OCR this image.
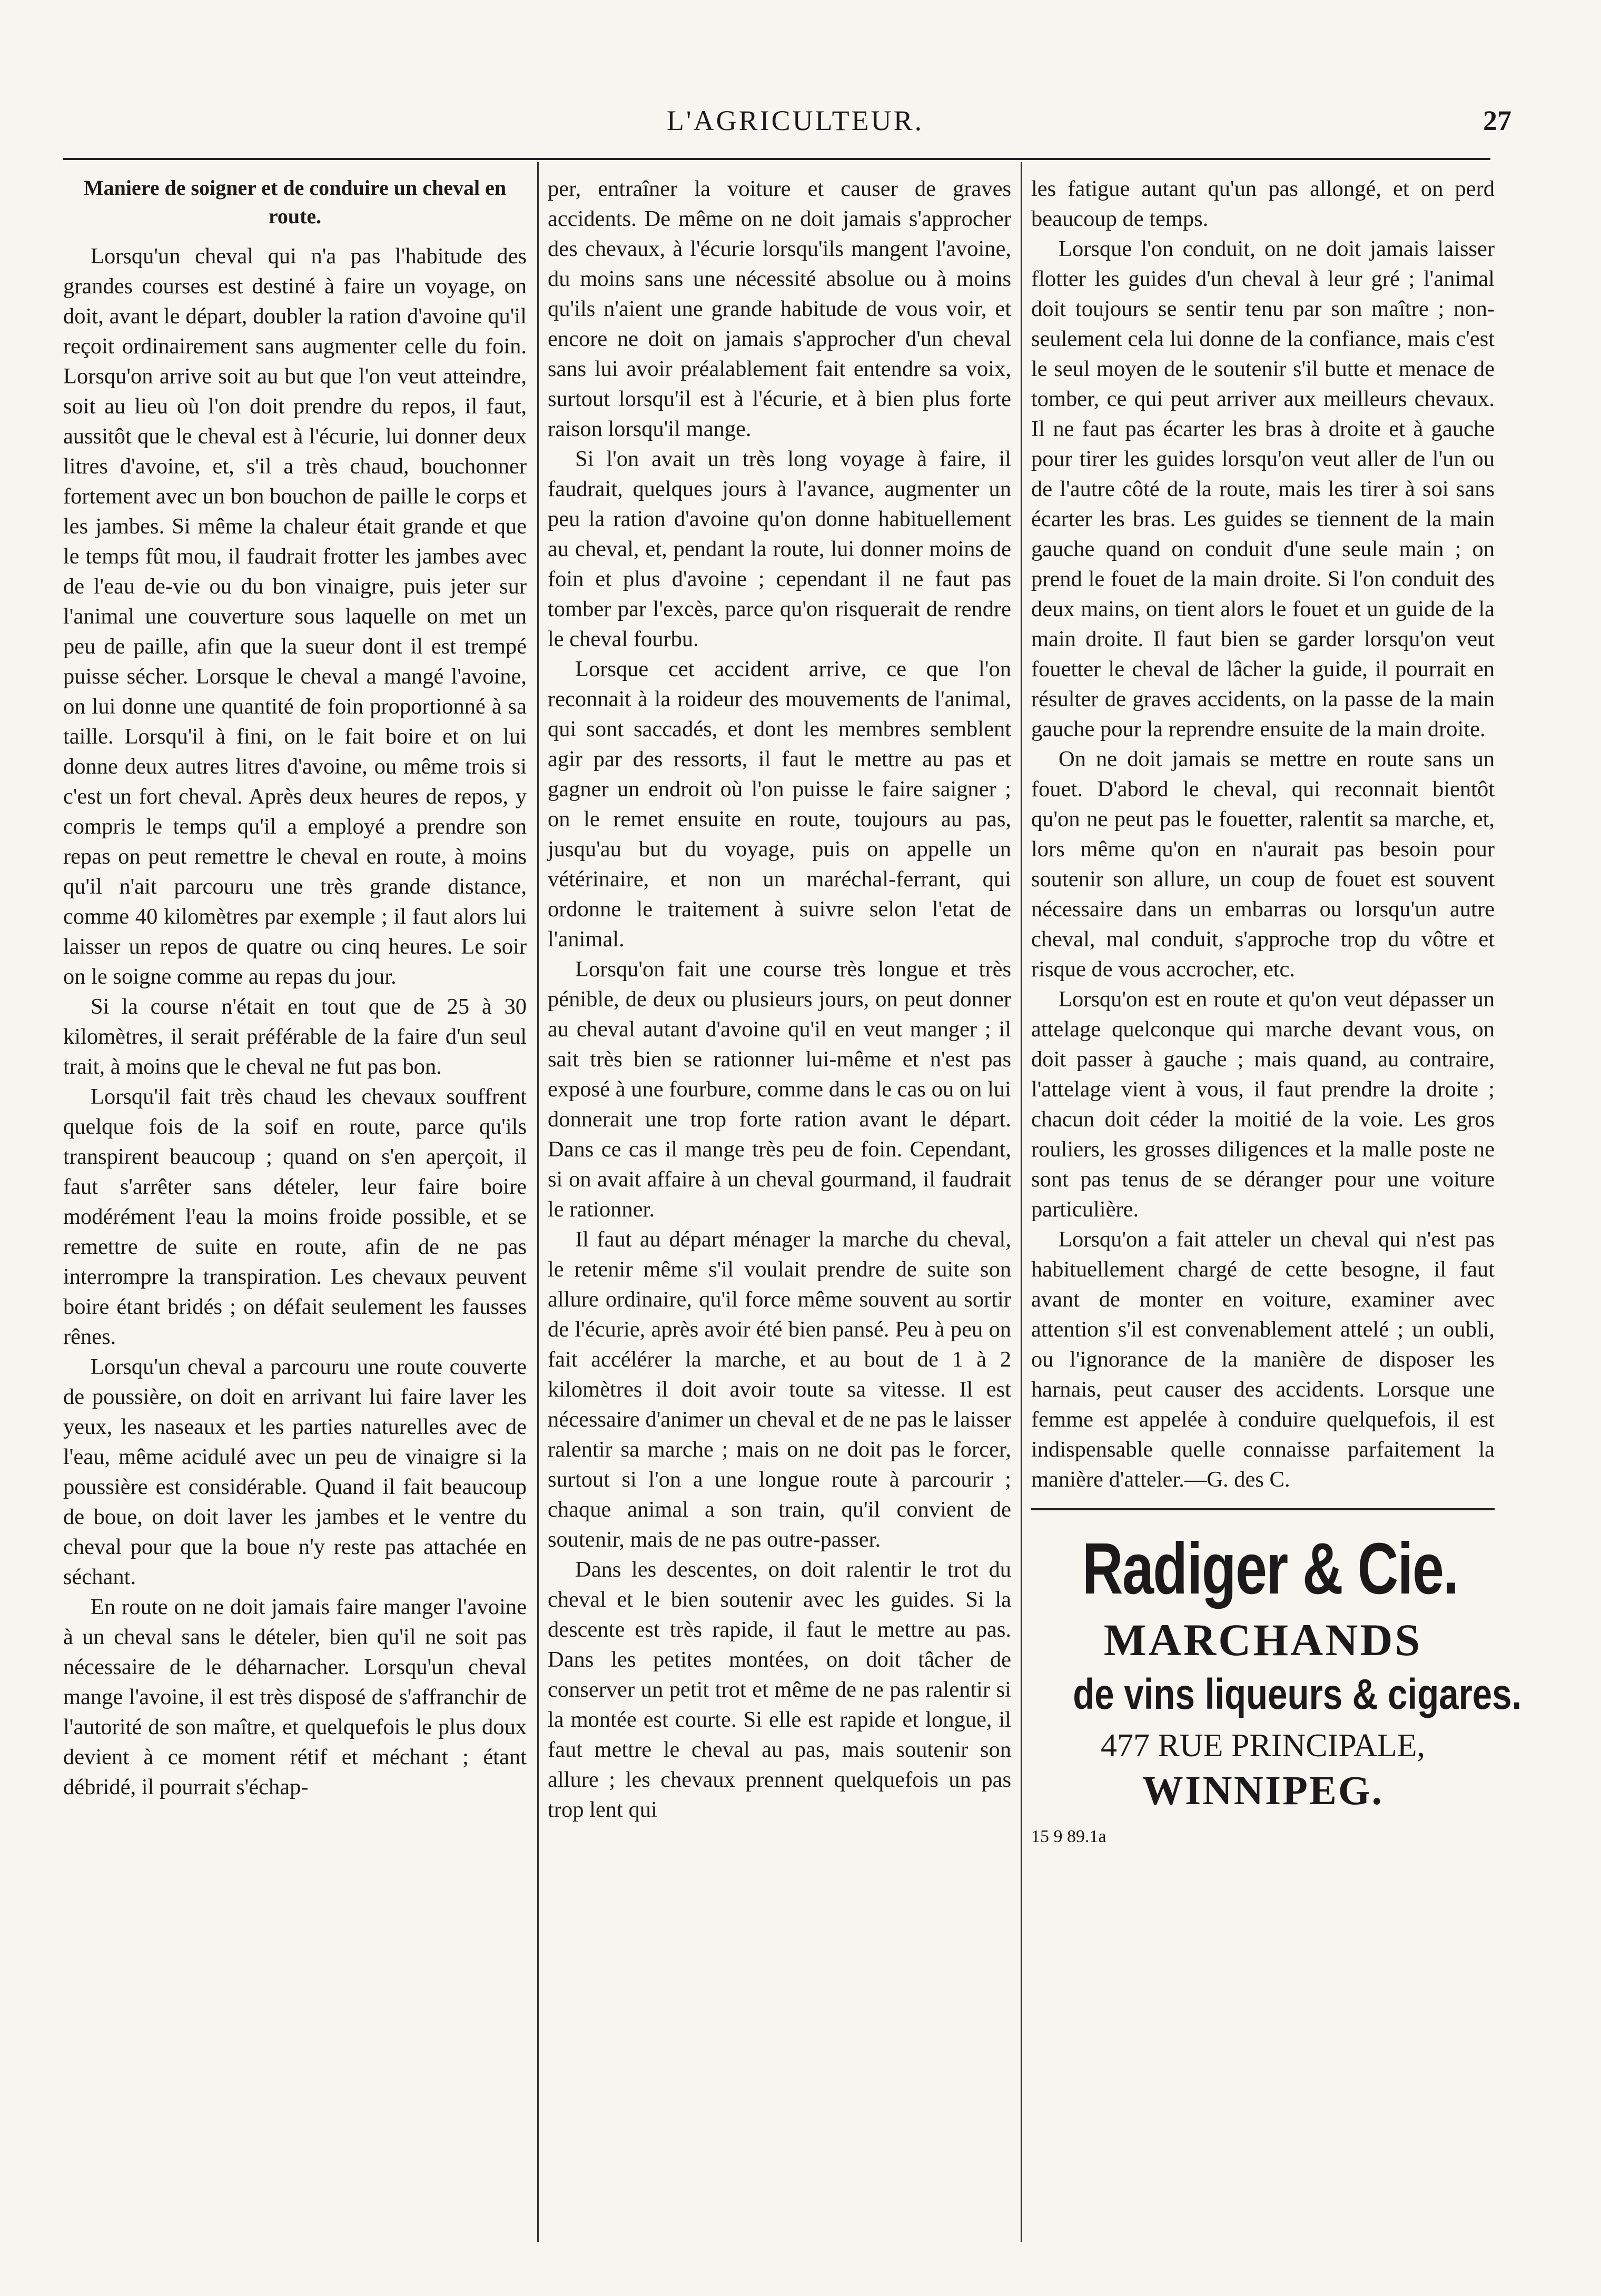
L'AGRICULTEUR.	27
Maniere de soigner et de conduire un cheval en route.

Lorsqu'un cheval qui n'a pas l'habitude des grandes courses est destiné à faire un voyage, on doit, avant le départ, doubler la ration d'avoine qu'il reçoit ordinairement sans augmenter celle du foin. Lorsqu'on arrive soit au but que l'on veut atteindre, soit au lieu où l'on doit prendre du repos, il faut, aussitôt que le cheval est à l'écurie, lui donner deux litres d'avoine, et, s'il a très chaud, bouchonner fortement avec un bon bouchon de paille le corps et les jambes. Si même la chaleur était grande et que le temps fût mou, il faudrait frotter les jambes avec de l'eau de-vie ou du bon vinaigre, puis jeter sur l'animal une couverture sous laquelle on met un peu de paille, afin que la sueur dont il est trempé puisse sécher. Lorsque le cheval a mangé l'avoine, on lui donne une quantité de foin proportionné à sa taille. Lorsqu'il à fini, on le fait boire et on lui donne deux autres litres d'avoine, ou même trois si c'est un fort cheval. Après deux heures de repos, y compris le temps qu'il a employé a prendre son repas on peut remettre le cheval en route, à moins qu'il n'ait parcouru une très grande distance, comme 40 kilomètres par exemple ; il faut alors lui laisser un repos de quatre ou cinq heures. Le soir on le soigne comme au repas du jour.

Si la course n'était en tout que de 25 à 30 kilomètres, il serait préférable de la faire d'un seul trait, à moins que le cheval ne fut pas bon.

Lorsqu'il fait très chaud les chevaux souffrent quelque fois de la soif en route, parce qu'ils transpirent beaucoup ; quand on s'en aperçoit, il faut s'arrêter sans dételer, leur faire boire modérément l'eau la moins froide possible, et se remettre de suite en route, afin de ne pas interrompre la transpiration. Les chevaux peuvent boire étant bridés ; on défait seulement les fausses rênes.

Lorsqu'un cheval a parcouru une route couverte de poussière, on doit en arrivant lui faire laver les yeux, les naseaux et les parties naturelles avec de l'eau, même acidulé avec un peu de vinaigre si la poussière est considérable. Quand il fait beaucoup de boue, on doit laver les jambes et le ventre du cheval pour que la boue n'y reste pas attachée en séchant.

En route on ne doit jamais faire manger l'avoine à un cheval sans le dételer, bien qu'il ne soit pas nécessaire de le déharnacher. Lorsqu'un cheval mange l'avoine, il est très disposé de s'affranchir de l'autorité de son maître, et quelquefois le plus doux devient à ce moment rétif et méchant ; étant débridé, il pourrait s'échap-

per, entraîner la voiture et causer de graves accidents. De même on ne doit jamais s'approcher des chevaux, à l'écurie lorsqu'ils mangent l'avoine, du moins sans une nécessité absolue ou à moins qu'ils n'aient une grande habitude de vous voir, et encore ne doit on jamais s'approcher d'un cheval sans lui avoir préalablement fait entendre sa voix, surtout lorsqu'il est à l'écurie, et à bien plus forte raison lorsqu'il mange.

Si l'on avait un très long voyage à faire, il faudrait, quelques jours à l'avance, augmenter un peu la ration d'avoine qu'on donne habituellement au cheval, et, pendant la route, lui donner moins de foin et plus d'avoine ; cependant il ne faut pas tomber par l'excès, parce qu'on risquerait de rendre le cheval fourbu.

Lorsque cet accident arrive, ce que l'on reconnait à la roideur des mouvements de l'animal, qui sont saccadés, et dont les membres semblent agir par des ressorts, il faut le mettre au pas et gagner un endroit où l'on puisse le faire saigner ; on le remet ensuite en route, toujours au pas, jusqu'au but du voyage, puis on appelle un vétérinaire, et non un maréchal-ferrant, qui ordonne le traitement à suivre selon l'etat de l'animal.

Lorsqu'on fait une course très longue et très pénible, de deux ou plusieurs jours, on peut donner au cheval autant d'avoine qu'il en veut manger ; il sait très bien se rationner lui-même et n'est pas exposé à une fourbure, comme dans le cas ou on lui donnerait une trop forte ration avant le départ. Dans ce cas il mange très peu de foin. Cependant, si on avait affaire à un cheval gourmand, il faudrait le rationner.

Il faut au départ ménager la marche du cheval, le retenir même s'il voulait prendre de suite son allure ordinaire, qu'il force même souvent au sortir de l'écurie, après avoir été bien pansé. Peu à peu on fait accélérer la marche, et au bout de 1 à 2 kilomètres il doit avoir toute sa vitesse. Il est nécessaire d'animer un cheval et de ne pas le laisser ralentir sa marche ; mais on ne doit pas le forcer, surtout si l'on a une longue route à parcourir ; chaque animal a son train, qu'il convient de soutenir, mais de ne pas outre-passer.

Dans les descentes, on doit ralentir le trot du cheval et le bien soutenir avec les guides. Si la descente est très rapide, il faut le mettre au pas. Dans les petites montées, on doit tâcher de conserver un petit trot et même de ne pas ralentir si la montée est courte. Si elle est rapide et longue, il faut mettre le cheval au pas, mais soutenir son allure ; les chevaux prennent quelquefois un pas trop lent qui

les fatigue autant qu'un pas allongé, et on perd beaucoup de temps.

Lorsque l'on conduit, on ne doit jamais laisser flotter les guides d'un cheval à leur gré ; l'animal doit toujours se sentir tenu par son maître ; non-seulement cela lui donne de la confiance, mais c'est le seul moyen de le soutenir s'il butte et menace de tomber, ce qui peut arriver aux meilleurs chevaux. Il ne faut pas écarter les bras à droite et à gauche pour tirer les guides lorsqu'on veut aller de l'un ou de l'autre côté de la route, mais les tirer à soi sans écarter les bras. Les guides se tiennent de la main gauche quand on conduit d'une seule main ; on prend le fouet de la main droite. Si l'on conduit des deux mains, on tient alors le fouet et un guide de la main droite. Il faut bien se garder lorsqu'on veut fouetter le cheval de lâcher la guide, il pourrait en résulter de graves accidents, on la passe de la main gauche pour la reprendre ensuite de la main droite.

On ne doit jamais se mettre en route sans un fouet. D'abord le cheval, qui reconnait bientôt qu'on ne peut pas le fouetter, ralentit sa marche, et, lors même qu'on en n'aurait pas besoin pour soutenir son allure, un coup de fouet est souvent nécessaire dans un embarras ou lorsqu'un autre cheval, mal conduit, s'approche trop du vôtre et risque de vous accrocher, etc.

Lorsqu'on est en route et qu'on veut dépasser un attelage quelconque qui marche devant vous, on doit passer à gauche ; mais quand, au contraire, l'attelage vient à vous, il faut prendre la droite ; chacun doit céder la moitié de la voie. Les gros rouliers, les grosses diligences et la malle poste ne sont pas tenus de se déranger pour une voiture particulière.

Lorsqu'on a fait atteler un cheval qui n'est pas habituellement chargé de cette besogne, il faut avant de monter en voiture, examiner avec attention s'il est convenablement attelé ; un oubli, ou l'ignorance de la manière de disposer les harnais, peut causer des accidents. Lorsque une femme est appelée à conduire quelquefois, il est indispensable quelle connaisse parfaitement la manière d'atteler.—G. des C.

Radiger & Cie.
MARCHANDS
de vins liqueurs & cigares.
477 RUE PRINCIPALE,
WINNIPEG.
15 9 89.1a
